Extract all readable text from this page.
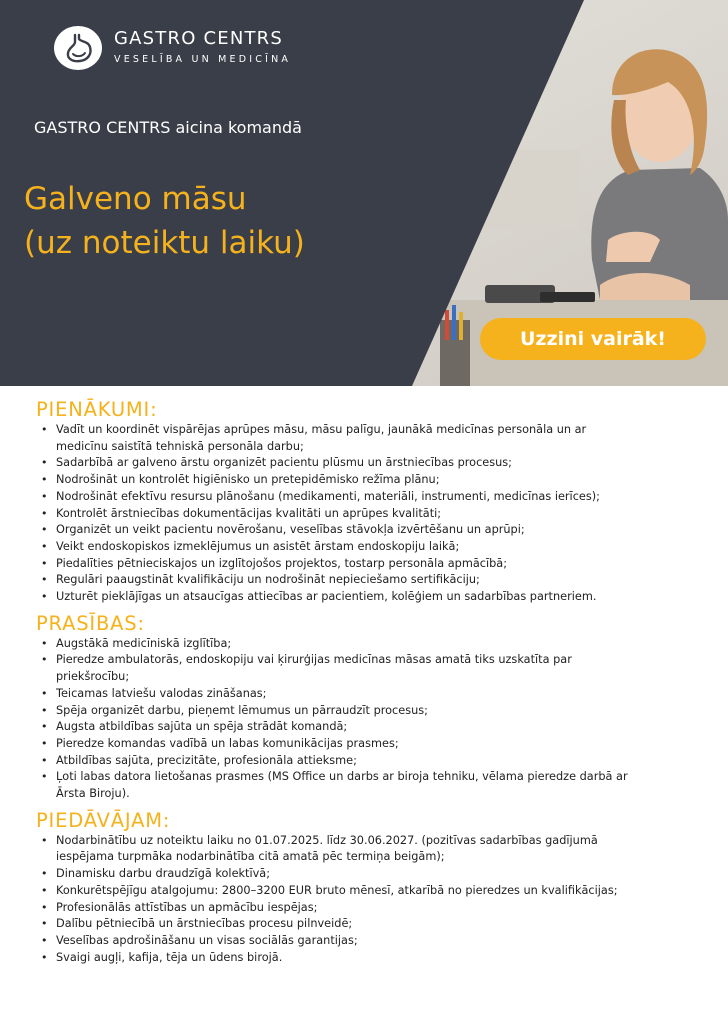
GASTRO CENTRS
VESELĪBA UN MEDICĪNA
GASTRO CENTRS aicina komandā
Galveno māsu
(uz noteiktu laiku)
Uzzini vairāk!
PIENĀKUMI:
• Vadīt un koordinēt vispārējas aprūpes māsu, māsu palīgu, jaunākā medicīnas personāla un ar medicīnu saistītā tehniskā personāla darbu;
• Sadarbībā ar galveno ārstu organizēt pacientu plūsmu un ārstniecības procesus;
• Nodrošināt un kontrolēt higiēnisko un pretepidēmisko režīma plānu;
• Nodrošināt efektīvu resursu plānošanu (medikamenti, materiāli, instrumenti, medicīnas ierīces);
• Kontrolēt ārstniecības dokumentācijas kvalitāti un aprūpes kvalitāti;
• Organizēt un veikt pacientu novērošanu, veselības stāvokļa izvērtēšanu un aprūpi;
• Veikt endoskopiskos izmeklējumus un asistēt ārstam endoskopiju laikā;
• Piedalīties pētnieciskajos un izglītojošos projektos, tostarp personāla apmācībā;
• Regulāri paaugstināt kvalifikāciju un nodrošināt nepieciešamo sertifikāciju;
• Uzturēt pieklājīgas un atsaucīgas attiecības ar pacientiem, kolēģiem un sadarbības partneriem.
PRASĪBAS:
• Augstākā medicīniskā izglītība;
• Pieredze ambulatorās, endoskopiju vai ķirurģijas medicīnas māsas amatā tiks uzskatīta par priekšrocību;
• Teicamas latviešu valodas zināšanas;
• Spēja organizēt darbu, pieņemt lēmumus un pārraudzīt procesus;
• Augsta atbildības sajūta un spēja strādāt komandā;
• Pieredze komandas vadībā un labas komunikācijas prasmes;
• Atbildības sajūta, precizitāte, profesionāla attieksme;
• Ļoti labas datora lietošanas prasmes (MS Office un darbs ar biroja tehniku, vēlama pieredze darbā ar Ārsta Biroju).
PIEDĀVĀJAM:
• Nodarbinātību uz noteiktu laiku no 01.07.2025. līdz 30.06.2027. (pozitīvas sadarbības gadījumā iespējama turpmāka nodarbinātība citā amatā pēc termiņa beigām);
• Dinamisku darbu draudzīgā kolektīvā;
• Konkurētspējīgu atalgojumu: 2800–3200 EUR bruto mēnesī, atkarībā no pieredzes un kvalifikācijas;
• Profesionālās attīstības un apmācību iespējas;
• Dalību pētniecībā un ārstniecības procesu pilnveidē;
• Veselības apdrošināšanu un visas sociālās garantijas;
• Svaigi augļi, kafija, tēja un ūdens birojā.
